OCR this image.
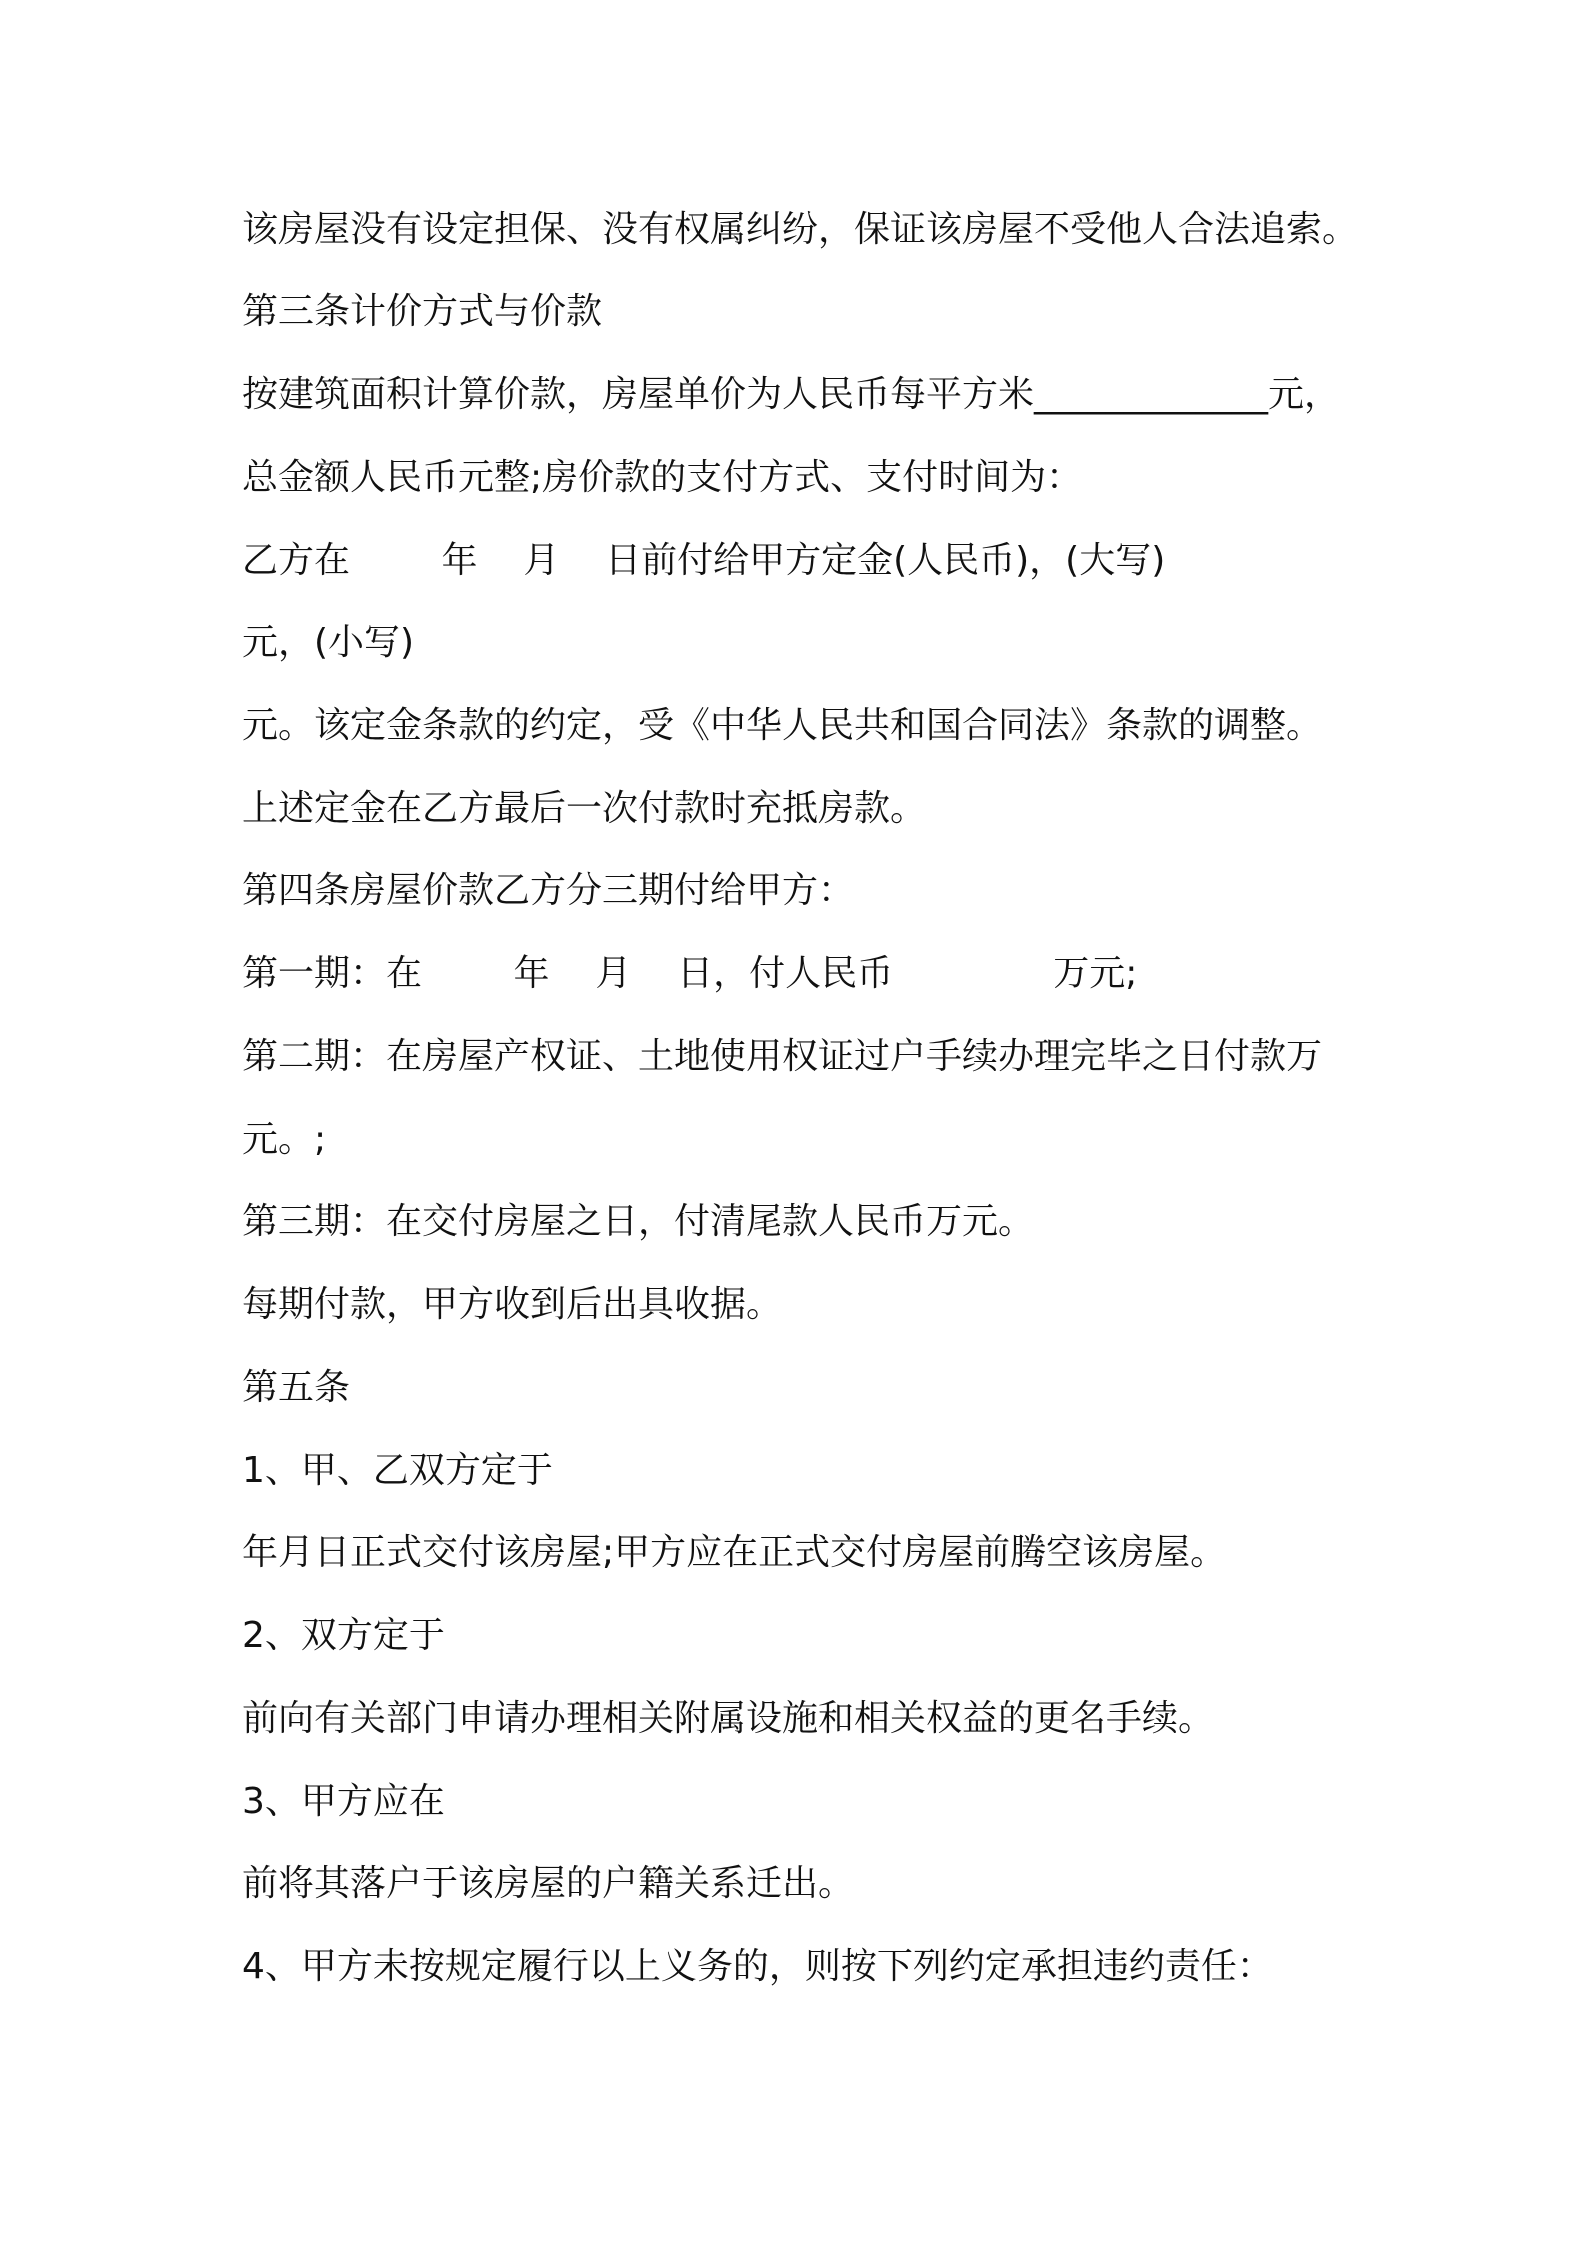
该房屋没有设定担保、没有权属纠纷，保证该房屋不受他人合法追索。
第三条计价方式与价款
按建筑面积计算价款，房屋单价为人民币每平方米_____________元，
总金额人民币元整;房价款的支付方式、支付时间为：
乙方在        年    月    日前付给甲方定金(人民币)，(大写)
元，(小写)
元。该定金条款的约定，受《中华人民共和国合同法》条款的调整。
上述定金在乙方最后一次付款时充抵房款。
第四条房屋价款乙方分三期付给甲方：
第一期：在        年    月    日，付人民币              万元;
第二期：在房屋产权证、土地使用权证过户手续办理完毕之日付款万
元。;
第三期：在交付房屋之日，付清尾款人民币万元。
每期付款，甲方收到后出具收据。
第五条
1、甲、乙双方定于
年月日正式交付该房屋;甲方应在正式交付房屋前腾空该房屋。
2、双方定于
前向有关部门申请办理相关附属设施和相关权益的更名手续。
3、甲方应在
前将其落户于该房屋的户籍关系迁出。
4、甲方未按规定履行以上义务的，则按下列约定承担违约责任：
